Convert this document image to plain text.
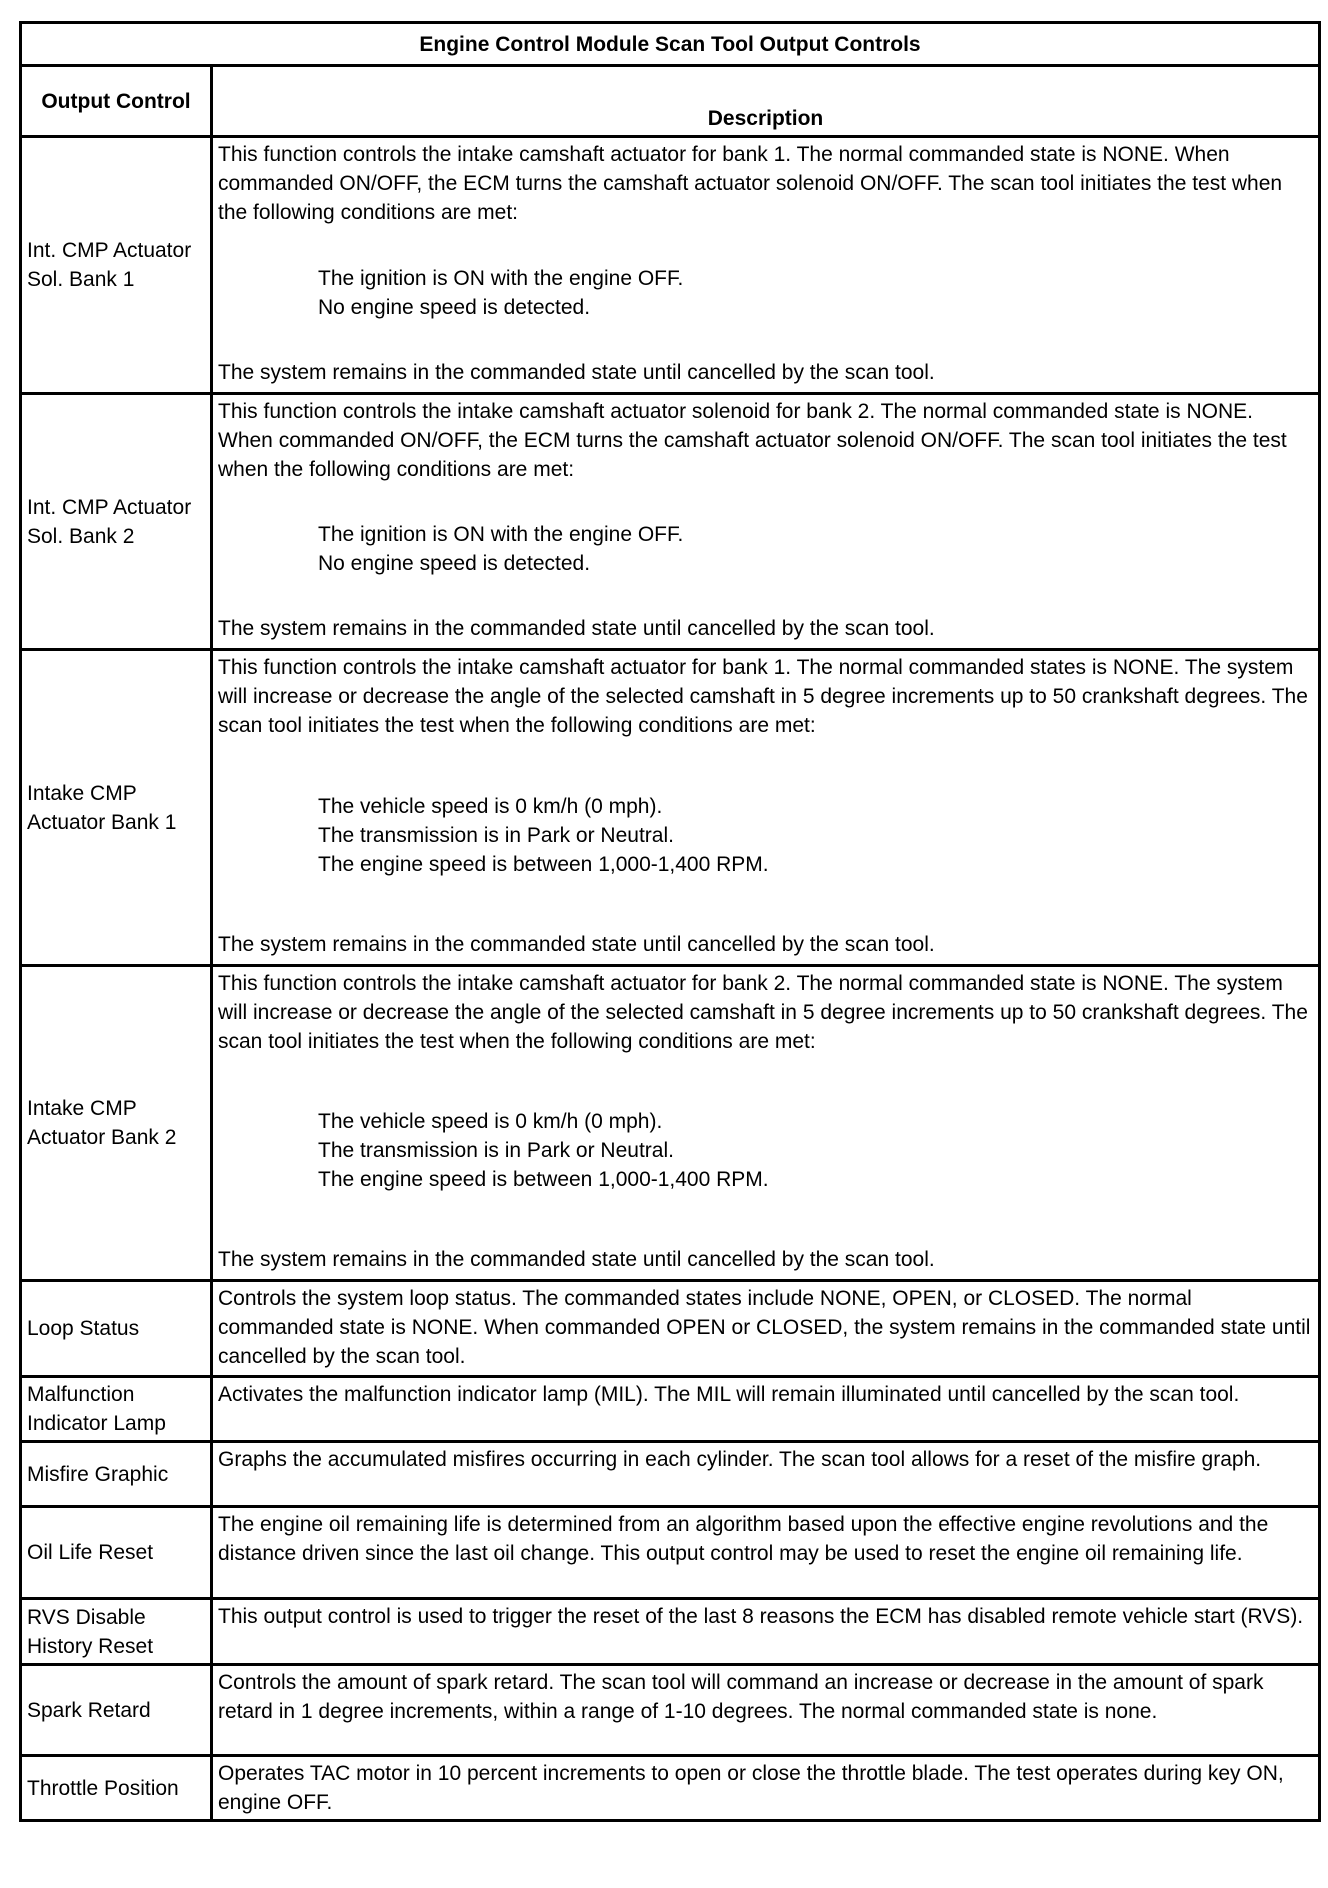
Engine Control Module Scan Tool Output Controls	
Output Control	Description
Int. CMP Actuator Sol. Bank 1	This function controls the intake camshaft actuator for bank 1. The normal commanded state is NONE. When commanded ON/OFF, the ECM turns the camshaft actuator solenoid ON/OFF. The scan tool initiates the test when the following conditions are met:
The ignition is ON with the engine OFF.
No engine speed is detected.
The system remains in the commanded state until cancelled by the scan tool.

Int. CMP Actuator Sol. Bank 2	This function controls the intake camshaft actuator solenoid for bank 2. The normal commanded state is NONE. When commanded ON/OFF, the ECM turns the camshaft actuator solenoid ON/OFF. The scan tool initiates the test when the following conditions are met:
The ignition is ON with the engine OFF.
No engine speed is detected.
The system remains in the commanded state until cancelled by the scan tool.

Intake CMP Actuator Bank 1	This function controls the intake camshaft actuator for bank 1. The normal commanded states is NONE. The system will increase or decrease the angle of the selected camshaft in 5 degree increments up to 50 crankshaft degrees. The scan tool initiates the test when the following conditions are met:
The vehicle speed is 0 km/h (0 mph).
The transmission is in Park or Neutral.
The engine speed is between 1,000-1,400 RPM.
The system remains in the commanded state until cancelled by the scan tool.

Intake CMP Actuator Bank 2	This function controls the intake camshaft actuator for bank 2. The normal commanded state is NONE. The system will increase or decrease the angle of the selected camshaft in 5 degree increments up to 50 crankshaft degrees. The scan tool initiates the test when the following conditions are met:
The vehicle speed is 0 km/h (0 mph).
The transmission is in Park or Neutral.
The engine speed is between 1,000-1,400 RPM.
The system remains in the commanded state until cancelled by the scan tool.

Loop Status	Controls the system loop status. The commanded states include NONE, OPEN, or CLOSED. The normal commanded state is NONE. When commanded OPEN or CLOSED, the system remains in the commanded state until cancelled by the scan tool.
Malfunction Indicator Lamp	Activates the malfunction indicator lamp (MIL). The MIL will remain illuminated until cancelled by the scan tool.
Misfire Graphic	Graphs the accumulated misfires occurring in each cylinder. The scan tool allows for a reset of the misfire graph.
Oil Life Reset	The engine oil remaining life is determined from an algorithm based upon the effective engine revolutions and the distance driven since the last oil change. This output control may be used to reset the engine oil remaining life.
RVS Disable History Reset	This output control is used to trigger the reset of the last 8 reasons the ECM has disabled remote vehicle start (RVS).
Spark Retard	Controls the amount of spark retard. The scan tool will command an increase or decrease in the amount of spark retard in 1 degree increments, within a range of 1-10 degrees. The normal commanded state is none.
Throttle Position	Operates TAC motor in 10 percent increments to open or close the throttle blade. The test operates during key ON, engine OFF.
